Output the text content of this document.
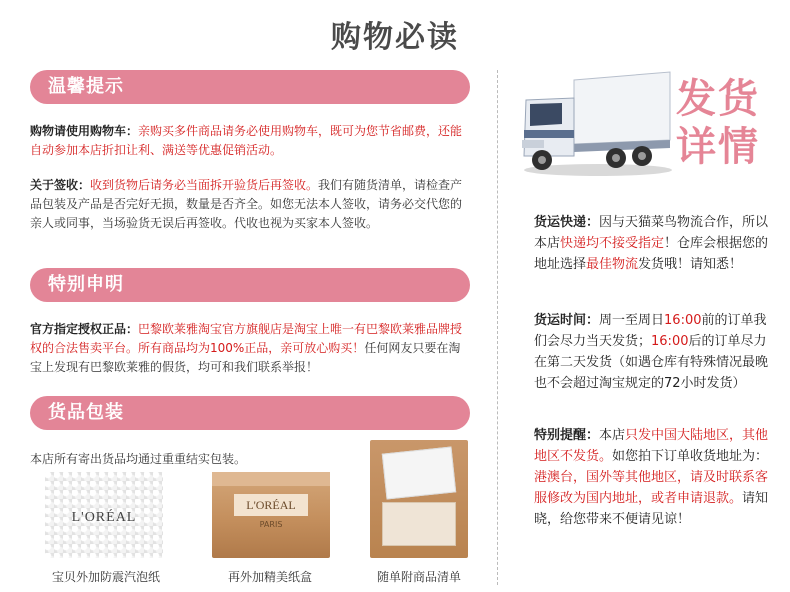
购物必读
温馨提示
购物请使用购物车：亲购买多件商品请务必使用购物车，既可为您节省邮费，还能自动参加本店折扣让利、满送等优惠促销活动。
关于签收：收到货物后请务必当面拆开验货后再签收。我们有随货清单，请检查产品包装及产品是否完好无损，数量是否齐全。如您无法本人签收，请务必交代您的亲人或同事，当场验货无误后再签收。代收也视为买家本人签收。
特别申明
官方指定授权正品：巴黎欧莱雅淘宝官方旗舰店是淘宝上唯一有巴黎欧莱雅品牌授权的合法售卖平台。所有商品均为100%正品，亲可放心购买！任何网友只要在淘宝上发现有巴黎欧莱雅的假货，均可和我们联系举报！
货品包装
本店所有寄出货品均通过重重结实包装。
L'ORÉAL
L'ORÉAL
PARIS
宝贝外加防震汽泡纸	再外加精美纸盒	随单附商品清单
发货
详情
货运快递：因与天猫菜鸟物流合作，所以本店快递均不接受指定！仓库会根据您的地址选择最佳物流发货哦！请知悉！
货运时间：周一至周日16:00前的订单我们会尽力当天发货；16:00后的订单尽力在第二天发货（如遇仓库有特殊情况最晚也不会超过淘宝规定的72小时发货）
特别提醒：本店只发中国大陆地区，其他地区不发货。如您拍下订单收货地址为：港澳台，国外等其他地区，请及时联系客服修改为国内地址，或者申请退款。请知晓，给您带来不便请见谅！
